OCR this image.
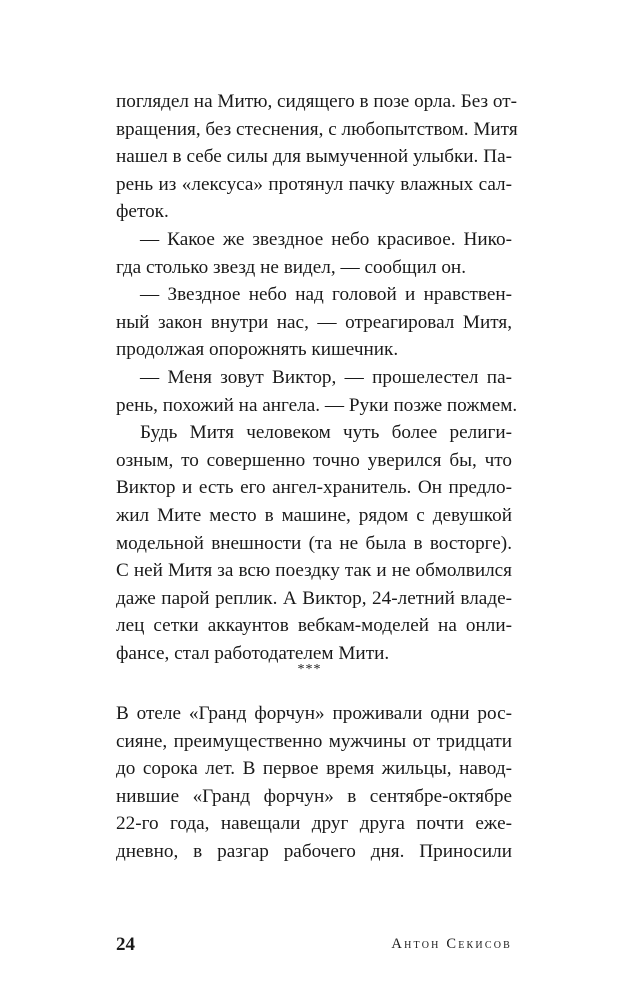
поглядел на Митю, сидящего в позе орла. Без от-
вращения, без стеснения, с любопытством. Митя
нашел в себе силы для вымученной улыбки. Па-
рень из «лексуса» протянул пачку влажных сал-
феток.
— Какое же звездное небо красивое. Нико-
гда столько звезд не видел, — сообщил он.
— Звездное небо над головой и нравствен-
ный закон внутри нас, — отреагировал Митя,
продолжая опорожнять кишечник.
— Меня зовут Виктор, — прошелестел па-
рень, похожий на ангела. — Руки позже пожмем.
Будь Митя человеком чуть более религи-
озным, то совершенно точно уверился бы, что
Виктор и есть его ангел-хранитель. Он предло-
жил Мите место в машине, рядом с девушкой
модельной внешности (та не была в восторге).
С ней Митя за всю поездку так и не обмолвился
даже парой реплик. А Виктор, 24-летний владе-
лец сетки аккаунтов вебкам-моделей на онли-
фансе, стал работодателем Мити.
***
В отеле «Гранд форчун» проживали одни рос-
сияне, преимущественно мужчины от тридцати
до сорока лет. В первое время жильцы, навод-
нившие «Гранд форчун» в сентябре-октябре
22-го года, навещали друг друга почти ежe-
дневно, в разгар рабочего дня. Приносили
24	Антон Секисов
